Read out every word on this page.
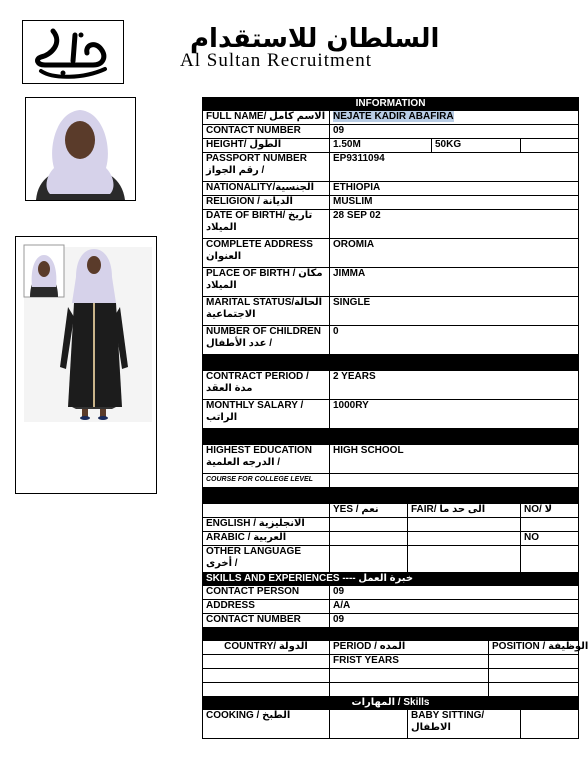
السلطان للاستقدام
Al Sultan Recruitment
INFORMATION					
FULL NAME/ الاسم كامل	NEJATE KADIR ABAFIRA				
CONTACT NUMBER	09				
HEIGHT/ الطول	1.50M		50KG		
PASSPORT NUMBER رقم الجواز /	EP9311094				
NATIONALITY/الجنسية	ETHIOPIA				
RELIGION / الديانة	MUSLIM				
DATE OF BIRTH/ تاريخ الميلاد	28 SEP 02				
COMPLETE ADDRESS العنوان	OROMIA				
PLACE OF BIRTH / مكان الميلاد	JIMMA				
MARITAL STATUS/الحالة الاجتماعية	SINGLE				
NUMBER OF CHILDREN عدد الأطفال /	0				

CONTRACT PERIOD / مدة العقد	2 YEARS				
MONTHLY SALARY / الراتب	1000RY				

HIGHEST EDUCATION الدرجه العلمية /	HIGH SCHOOL				
COURSE FOR COLLEGE LEVEL					

	YES / نعم	FAIR/ الى حد ما			NO/ لا
ENGLISH / الانجليزية					
ARABIC / العربية					NO
OTHER LANGUAGE أخرى /					
SKILLS AND EXPERIENCES ---- خبرة العمل					
CONTACT PERSON	09				
ADDRESS	A/A				
CONTACT NUMBER	09				

COUNTRY/ الدولة	PERIOD / المده			POSITION / الوظيفة	
	FRIST YEARS				

المهارات / Skills					
COOKING / الطبخ		BABY SITTING/ الاطفال			
